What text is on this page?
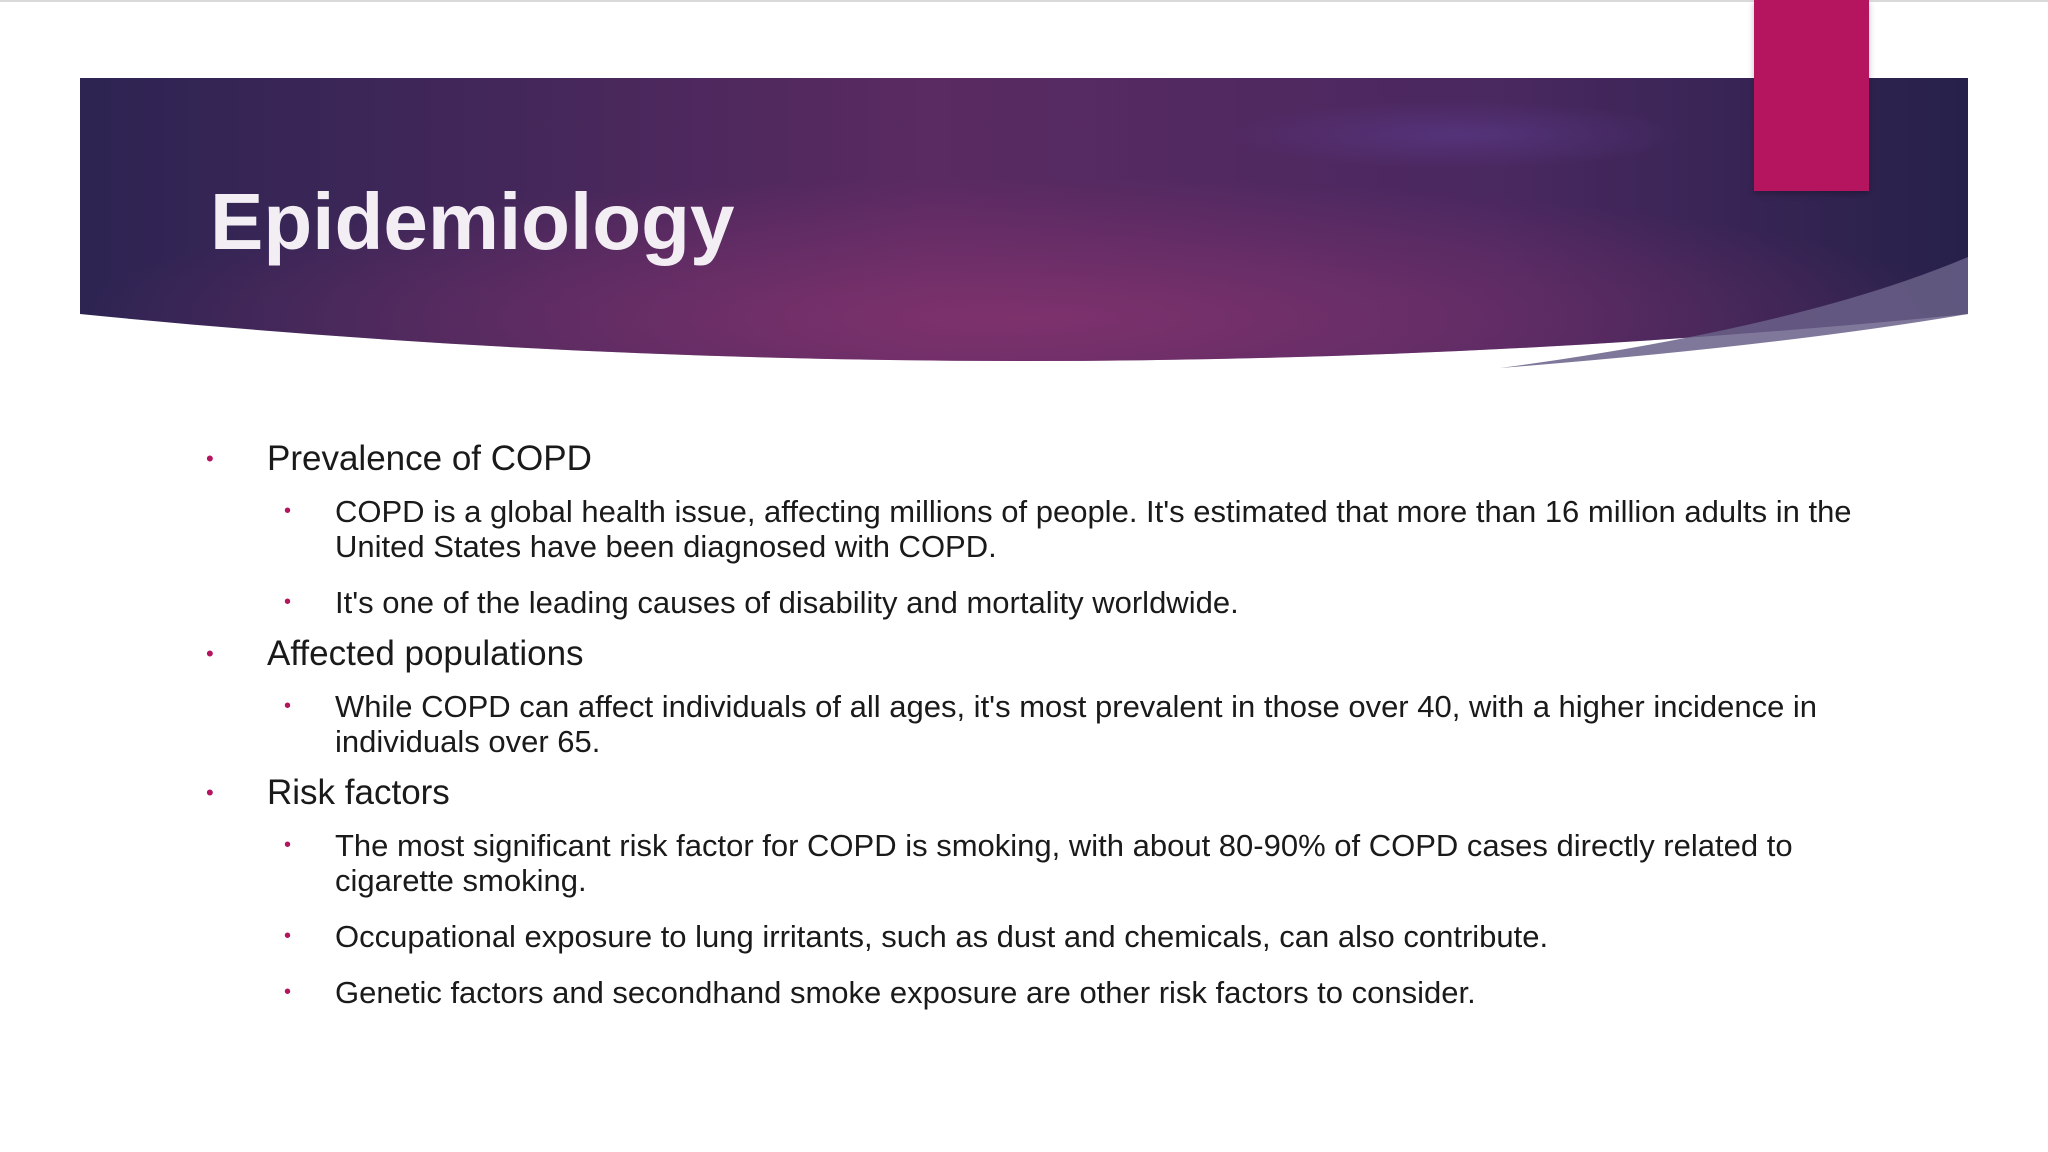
Epidemiology
• Prevalence of COPD
• COPD is a global health issue, affecting millions of people. It's estimated that more than 16 million adults in the United States have been diagnosed with COPD.
• It's one of the leading causes of disability and mortality worldwide.
• Affected populations
• While COPD can affect individuals of all ages, it's most prevalent in those over 40, with a higher incidence in individuals over 65.
• Risk factors
• The most significant risk factor for COPD is smoking, with about 80-90% of COPD cases directly related to cigarette smoking.
• Occupational exposure to lung irritants, such as dust and chemicals, can also contribute.
• Genetic factors and secondhand smoke exposure are other risk factors to consider.
